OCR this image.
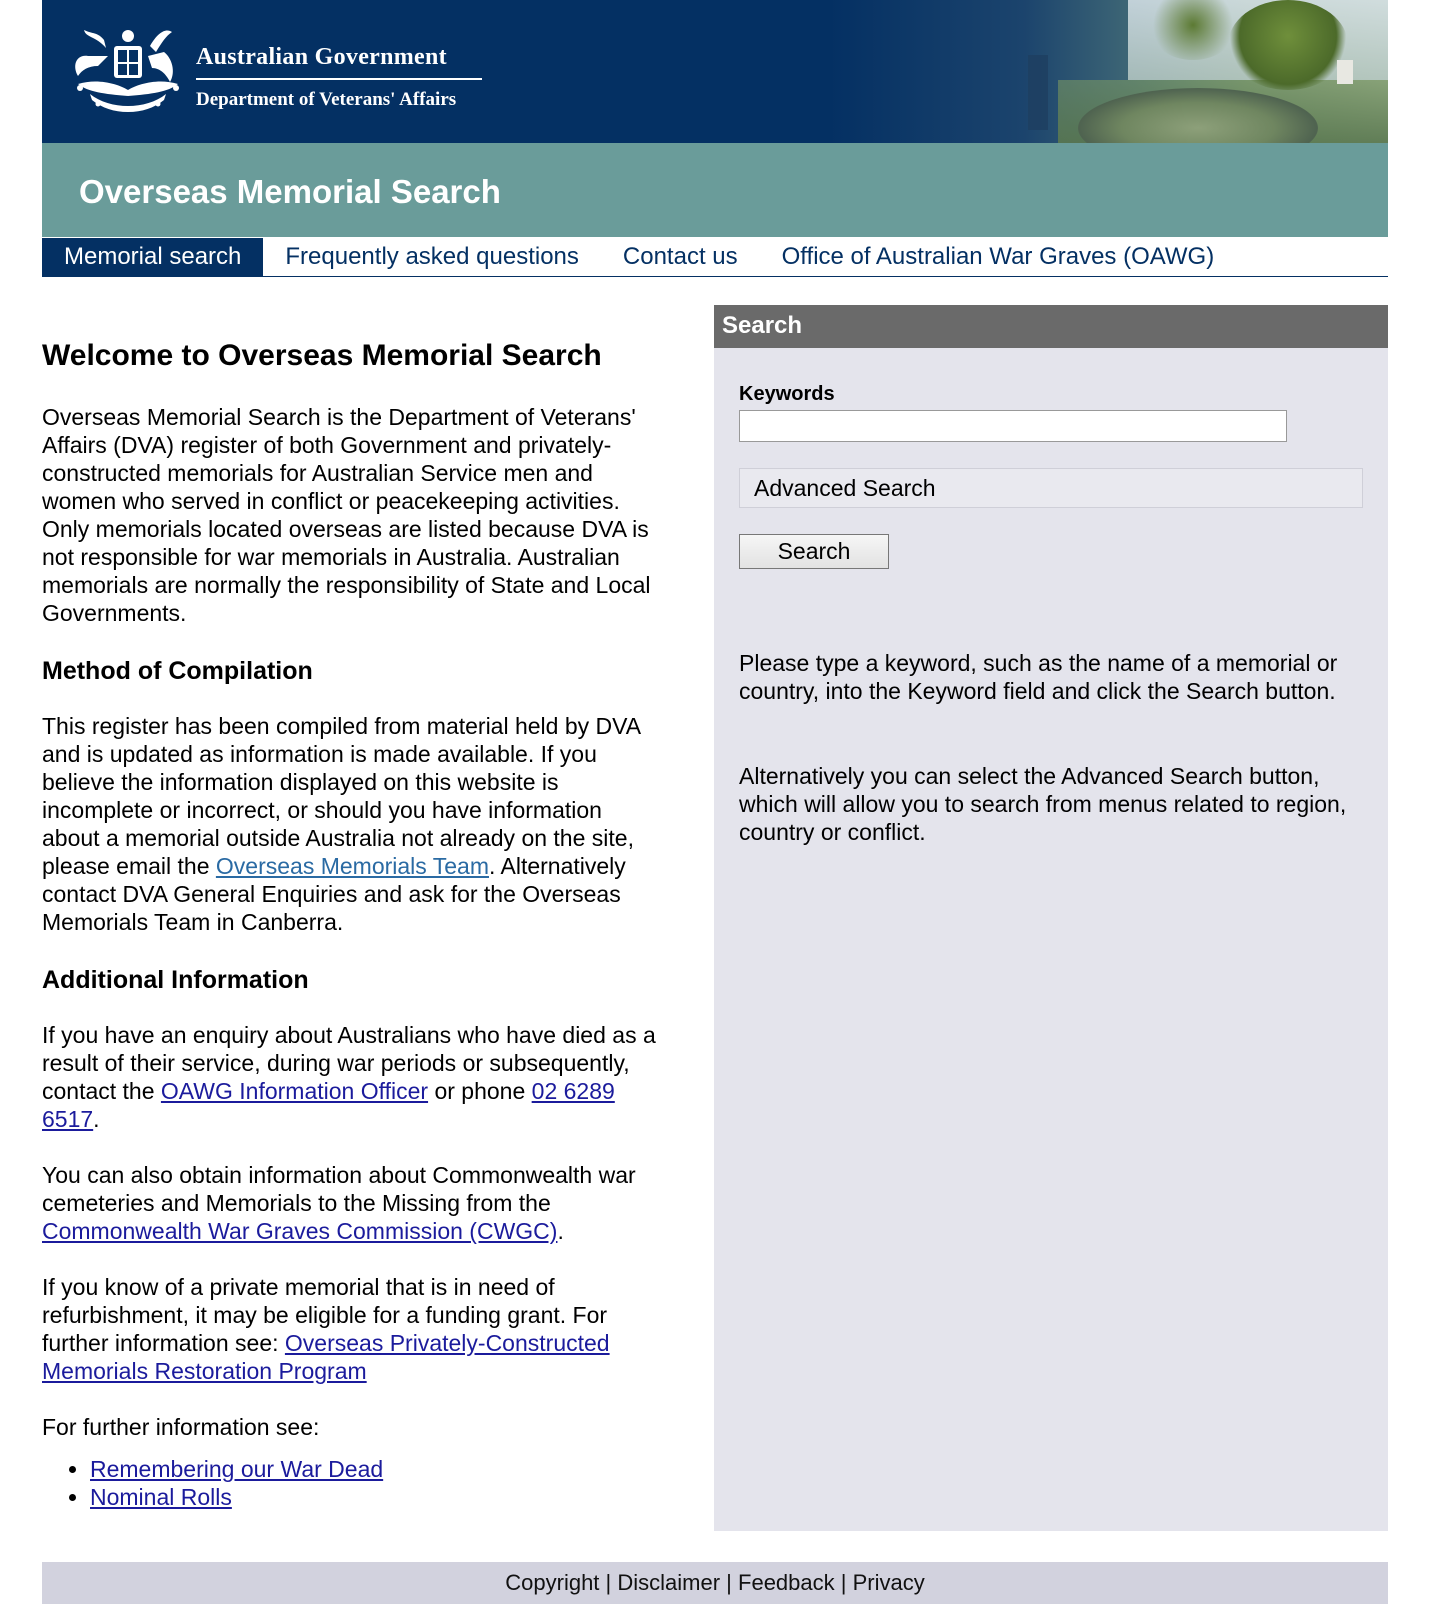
Australian Government
Department of Veterans' Affairs
Overseas Memorial Search
Memorial search	Frequently asked questions	Contact us	Office of Australian War Graves (OAWG)
Welcome to Overseas Memorial Search

Overseas Memorial Search is the Department of Veterans' Affairs (DVA) register of both Government and privately-constructed memorials for Australian Service men and women who served in conflict or peacekeeping activities. Only memorials located overseas are listed because DVA is not responsible for war memorials in Australia. Australian memorials are normally the responsibility of State and Local Governments.

Method of Compilation

This register has been compiled from material held by DVA and is updated as information is made available. If you believe the information displayed on this website is incomplete or incorrect, or should you have information about a memorial outside Australia not already on the site, please email the Overseas Memorials Team. Alternatively contact DVA General Enquiries and ask for the Overseas Memorials Team in Canberra.

Additional Information

If you have an enquiry about Australians who have died as a result of their service, during war periods or subsequently, contact the OAWG Information Officer or phone 02 6289 6517.

You can also obtain information about Commonwealth war cemeteries and Memorials to the Missing from the Commonwealth War Graves Commission (CWGC).

If you know of a private memorial that is in need of refurbishment, it may be eligible for a funding grant. For further information see: Overseas Privately-Constructed Memorials Restoration Program

For further information see:

• Remembering our War Dead
• Nominal Rolls
Search
Keywords
Advanced Search
Search
Please type a keyword, such as the name of a memorial or country, into the Keyword field and click the Search button.
Alternatively you can select the Advanced Search button, which will allow you to search from menus related to region, country or conflict.
Copyright | Disclaimer | Feedback | Privacy
